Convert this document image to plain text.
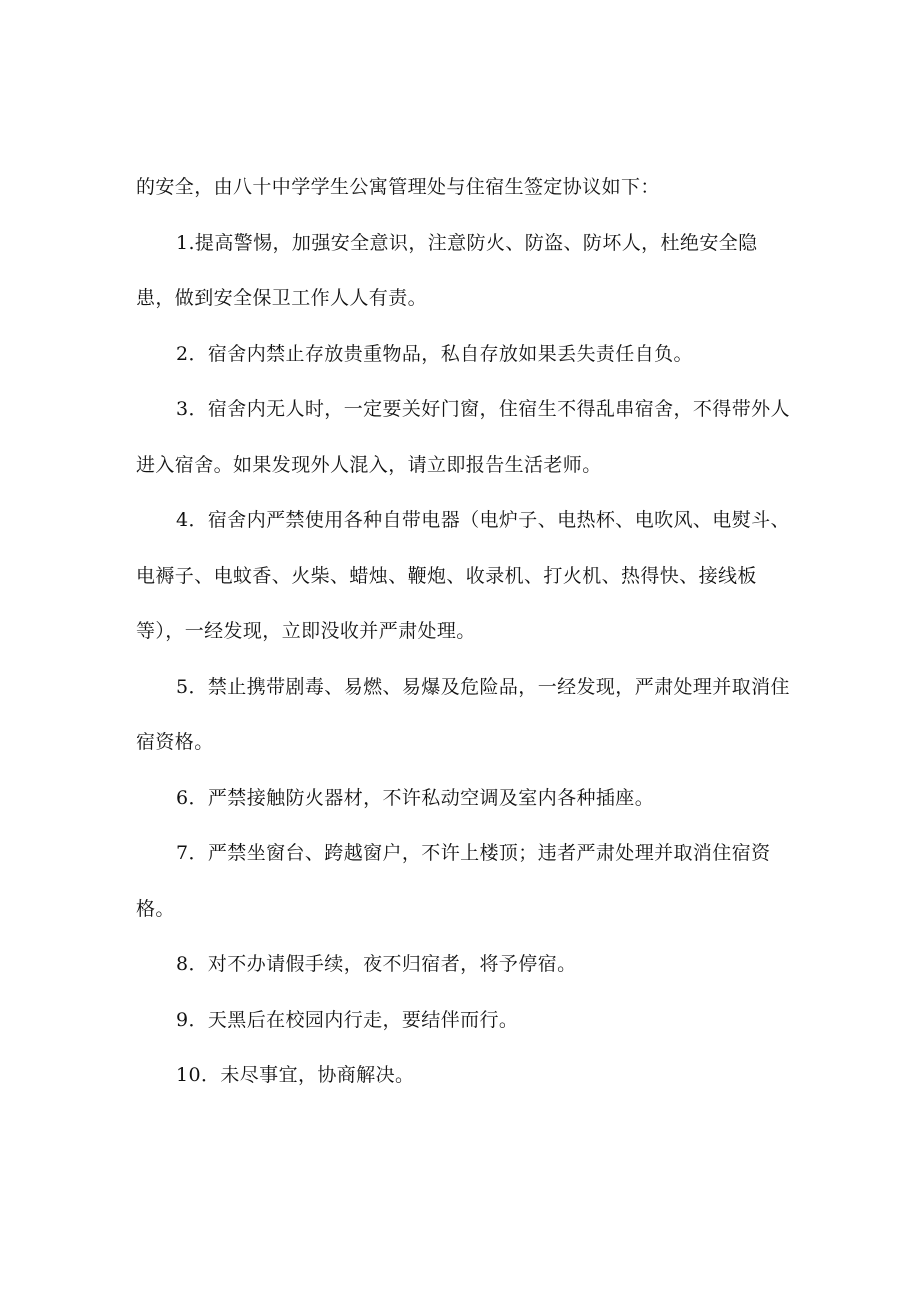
的安全，由八十中学学生公寓管理处与住宿生签定协议如下：

1.提高警惕，加强安全意识，注意防火、防盗、防坏人，杜绝安全隐患，做到安全保卫工作人人有责。

2．宿舍内禁止存放贵重物品，私自存放如果丢失责任自负。

3．宿舍内无人时，一定要关好门窗，住宿生不得乱串宿舍，不得带外人进入宿舍。如果发现外人混入，请立即报告生活老师。

4．宿舍内严禁使用各种自带电器（电炉子、电热杯、电吹风、电熨斗、电褥子、电蚊香、火柴、蜡烛、鞭炮、收录机、打火机、热得快、接线板等），一经发现，立即没收并严肃处理。

5．禁止携带剧毒、易燃、易爆及危险品，一经发现，严肃处理并取消住宿资格。

6．严禁接触防火器材，不许私动空调及室内各种插座。

7．严禁坐窗台、跨越窗户，不许上楼顶；违者严肃处理并取消住宿资格。

8．对不办请假手续，夜不归宿者，将予停宿。

9．天黑后在校园内行走，要结伴而行。

10．未尽事宜，协商解决。
